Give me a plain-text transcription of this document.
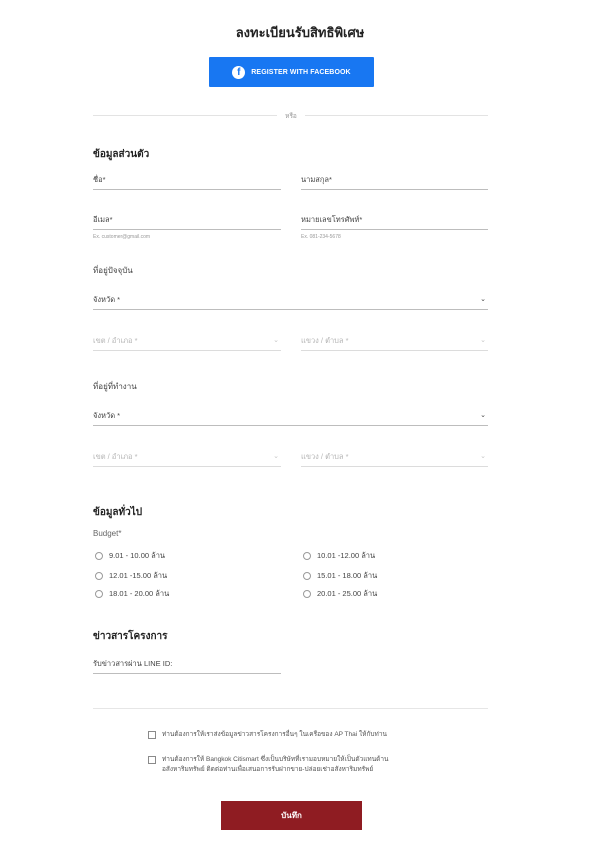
ลงทะเบียนรับสิทธิพิเศษ
f	REGISTER WITH FACEBOOK
หรือ
ข้อมูลส่วนตัว
ชื่อ*	นามสกุล*
อีเมล*
Ex. customer@gmail.com
หมายเลขโทรศัพท์*
Ex. 081-234-5678
ที่อยู่ปัจจุบัน
จังหวัด *	⌄
เขต / อำเภอ *	⌄	แขวง / ตำบล *	⌄
ที่อยู่ที่ทำงาน
จังหวัด *	⌄
เขต / อำเภอ *	⌄	แขวง / ตำบล *	⌄
ข้อมูลทั่วไป
Budget*
9.01 - 10.00 ล้าน	10.01 -12.00 ล้าน
12.01 -15.00 ล้าน	15.01 - 18.00 ล้าน
18.01 - 20.00 ล้าน	20.01 - 25.00 ล้าน
ข่าวสารโครงการ
รับข่าวสารผ่าน LINE ID:
ท่านต้องการให้เราส่งข้อมูลข่าวสารโครงการอื่นๆ ในเครือของ AP Thai ให้กับท่าน
ท่านต้องการให้ Bangkok Citismart ซึ่งเป็นบริษัทที่เรามอบหมายให้เป็นตัวแทนด้าน
อสังหาริมทรัพย์ ติดต่อท่านเพื่อเสนอการรับฝากขาย-ปล่อยเช่าอสังหาริมทรัพย์
บันทึก
